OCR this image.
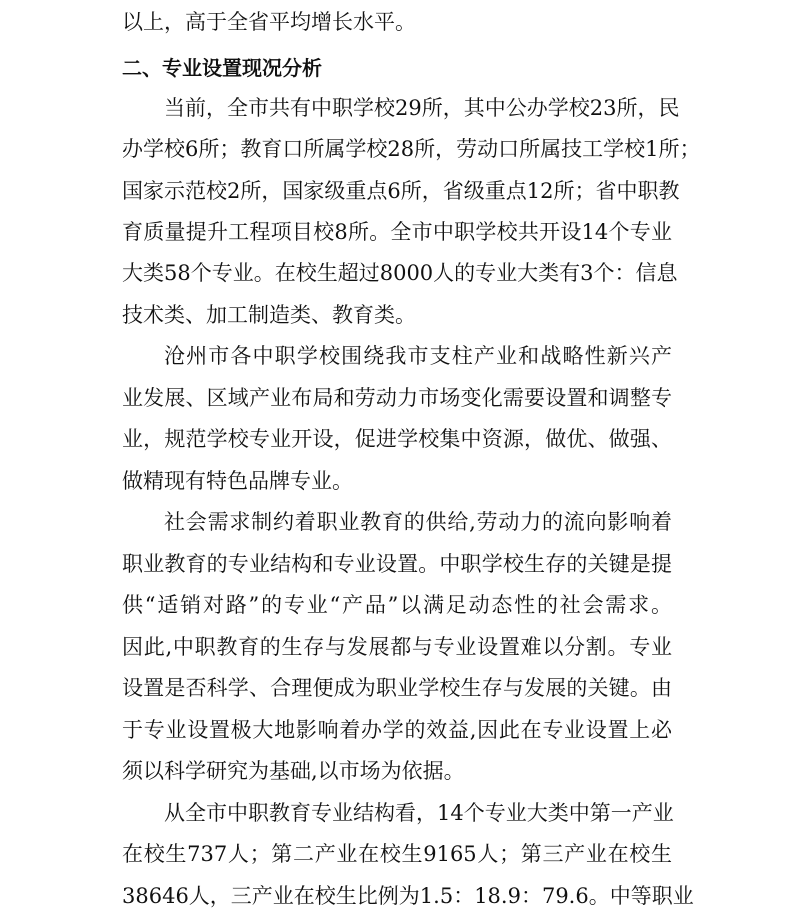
以上，高于全省平均增长水平。
二、专业设置现况分析
当前，全市共有中职学校29所，其中公办学校23所，民
办学校6所；教育口所属学校28所，劳动口所属技工学校1所；
国家示范校2所，国家级重点6所，省级重点12所；省中职教
育质量提升工程项目校8所。全市中职学校共开设14个专业
大类58个专业。在校生超过8000人的专业大类有3个：信息
技术类、加工制造类、教育类。
沧州市各中职学校围绕我市支柱产业和战略性新兴产
业发展、区域产业布局和劳动力市场变化需要设置和调整专
业，规范学校专业开设，促进学校集中资源，做优、做强、
做精现有特色品牌专业。
社会需求制约着职业教育的供给,劳动力的流向影响着
职业教育的专业结构和专业设置。中职学校生存的关键是提
供“适销对路”的专业“产品”以满足动态性的社会需求。
因此,中职教育的生存与发展都与专业设置难以分割。专业
设置是否科学、合理便成为职业学校生存与发展的关键。由
于专业设置极大地影响着办学的效益,因此在专业设置上必
须以科学研究为基础,以市场为依据。
从全市中职教育专业结构看，14个专业大类中第一产业
在校生737人；第二产业在校生9165人；第三产业在校生
38646人，三产业在校生比例为1.5：18.9：79.6。中等职业
